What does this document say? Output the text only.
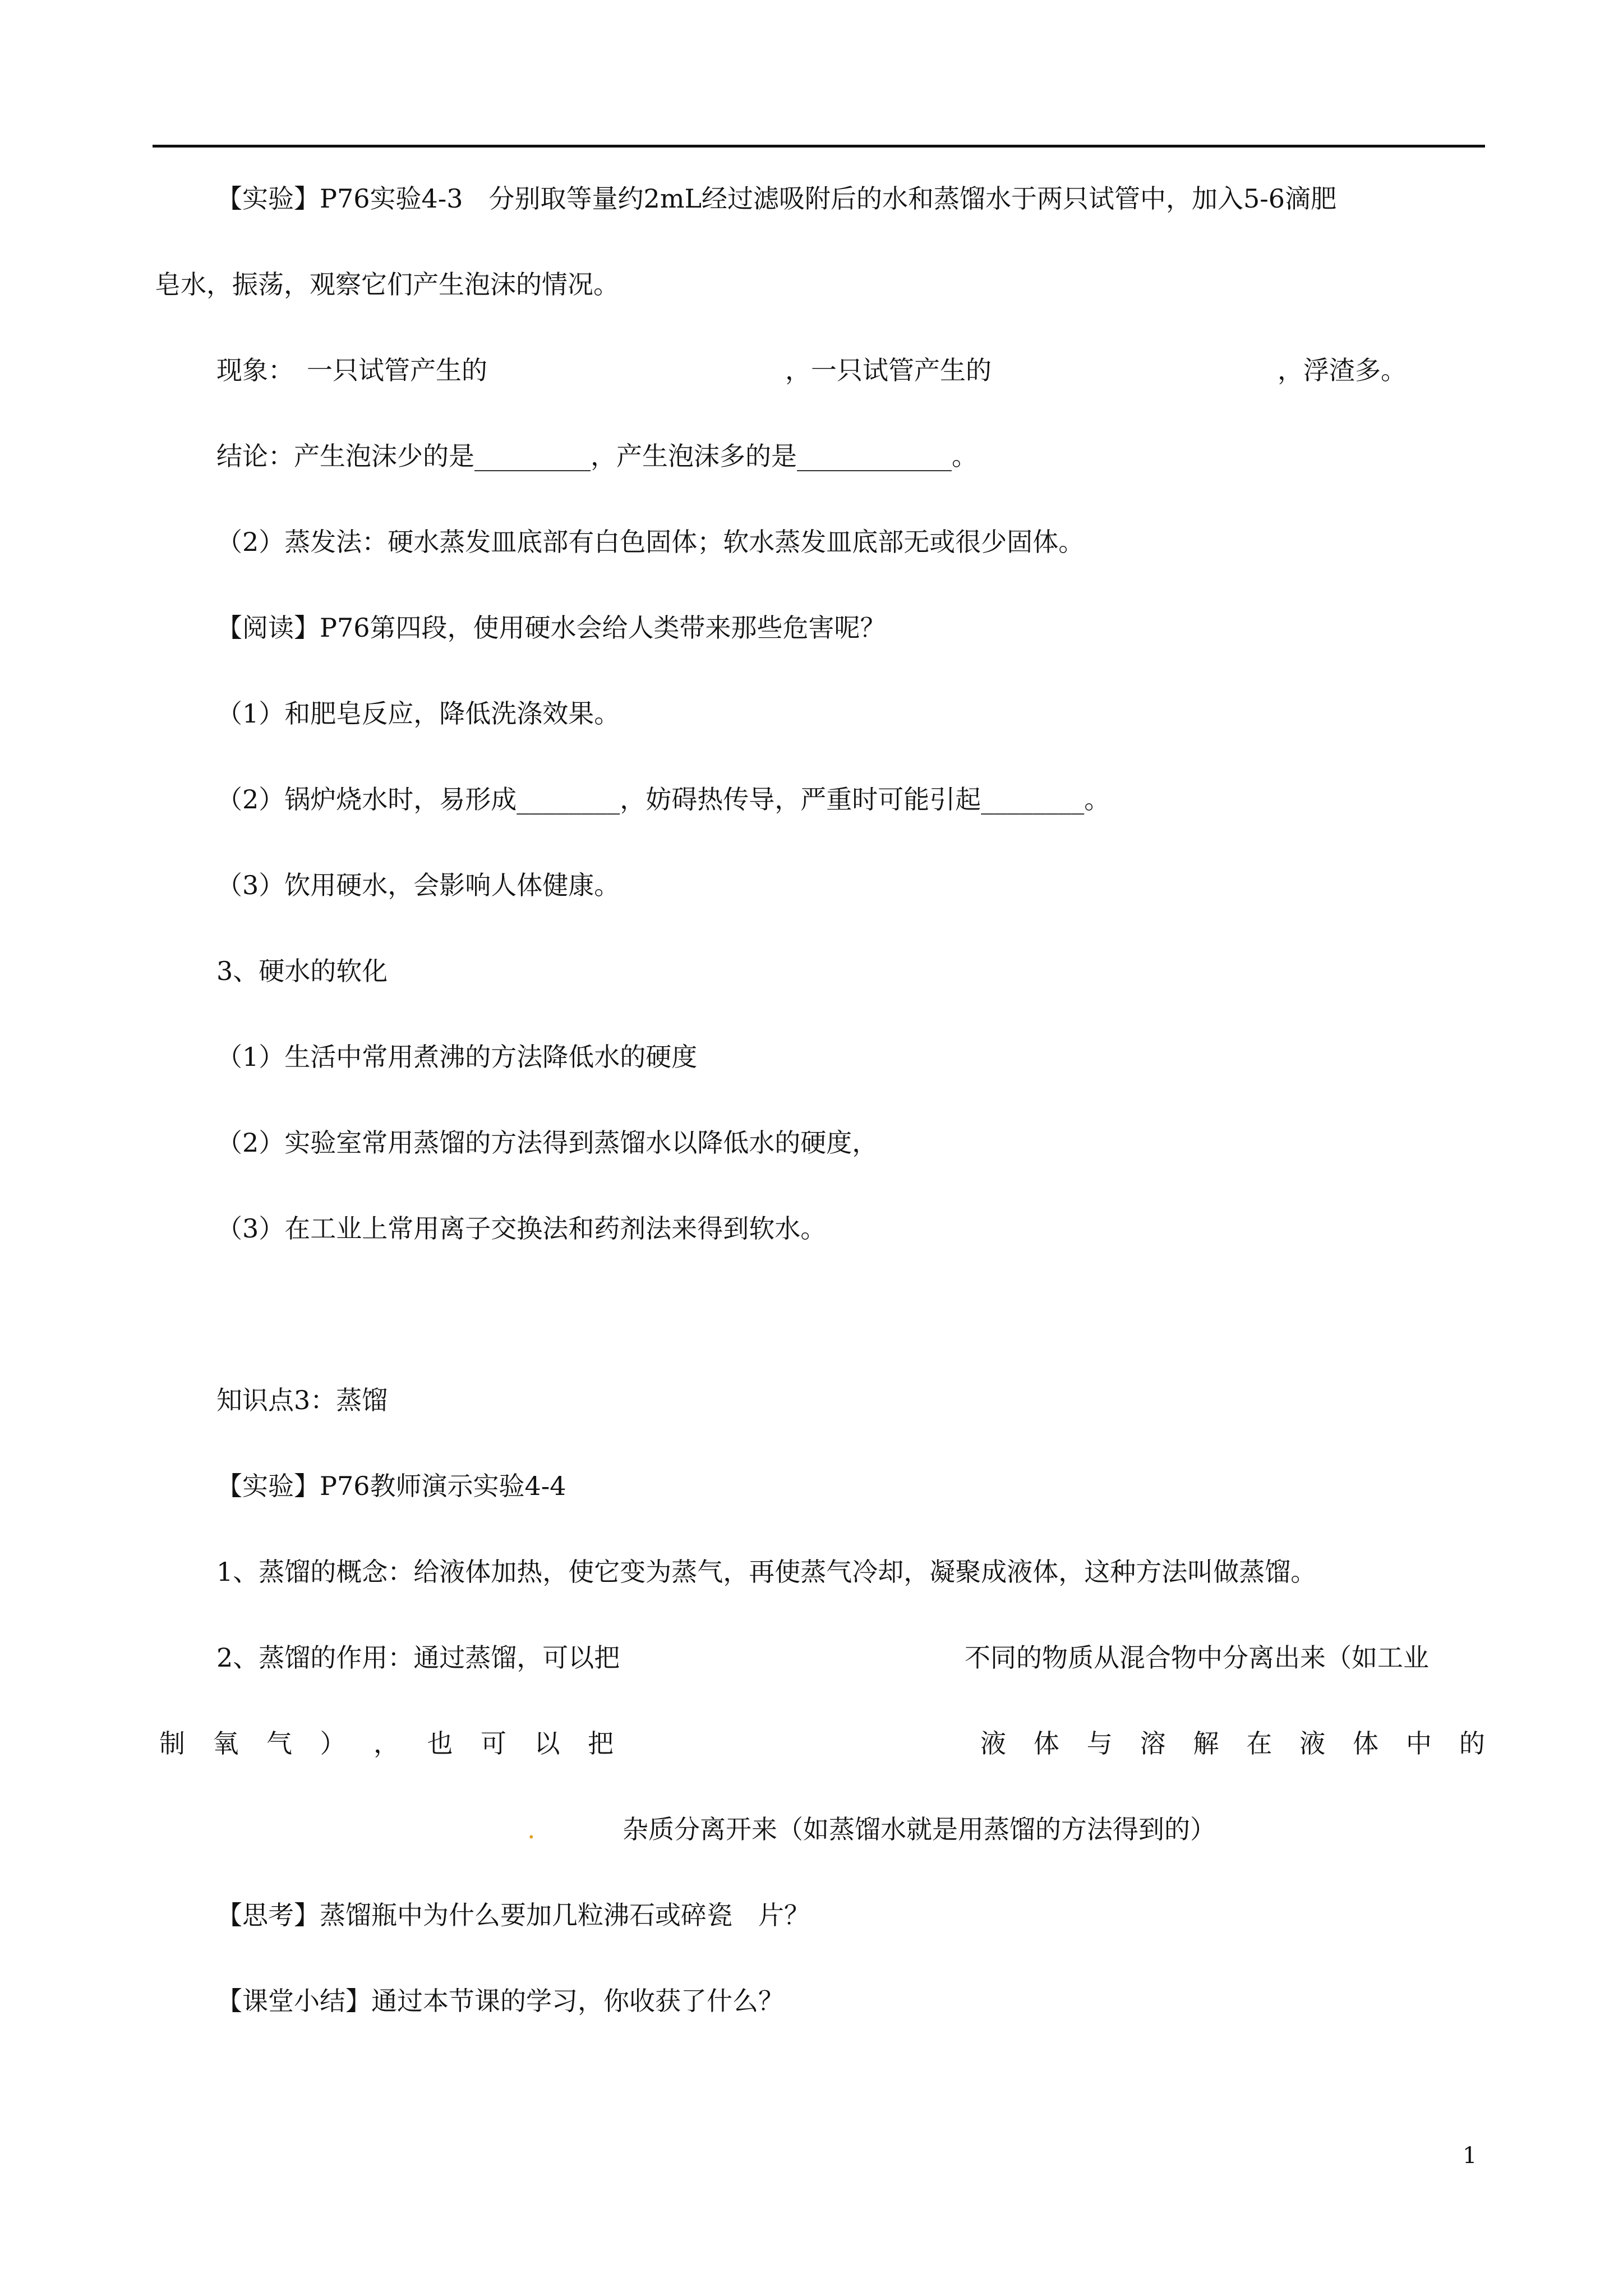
【实验】P76实验4-3　分别取等量约2mL经过滤吸附后的水和蒸馏水于两只试管中，加入5-6滴肥
皂水，振荡，观察它们产生泡沫的情况。
现象：　一只试管产生的	，一只试管产生的	，浮渣多。
结论：产生泡沫少的是_________，产生泡沫多的是____________。
（2）蒸发法：硬水蒸发皿底部有白色固体；软水蒸发皿底部无或很少固体。
【阅读】P76第四段，使用硬水会给人类带来那些危害呢？
（1）和肥皂反应，降低洗涤效果。
（2）锅炉烧水时，易形成________，妨碍热传导，严重时可能引起________。
（3）饮用硬水，会影响人体健康。
3、硬水的软化
（1）生活中常用煮沸的方法降低水的硬度
（2）实验室常用蒸馏的方法得到蒸馏水以降低水的硬度，
（3）在工业上常用离子交换法和药剂法来得到软水。
知识点3：蒸馏
【实验】P76教师演示实验4-4
1、蒸馏的概念：给液体加热，使它变为蒸气，再使蒸气冷却，凝聚成液体，这种方法叫做蒸馏。
2、蒸馏的作用：通过蒸馏，可以把	不同的物质从混合物中分离出来（如工业
制 氧 气 ） ， 也 可 以 把	液 体 与 溶 解 在 液 体 中 的
.	杂质分离开来（如蒸馏水就是用蒸馏的方法得到的）
【思考】蒸馏瓶中为什么要加几粒沸石或碎瓷　片？
【课堂小结】通过本节课的学习，你收获了什么？
1
